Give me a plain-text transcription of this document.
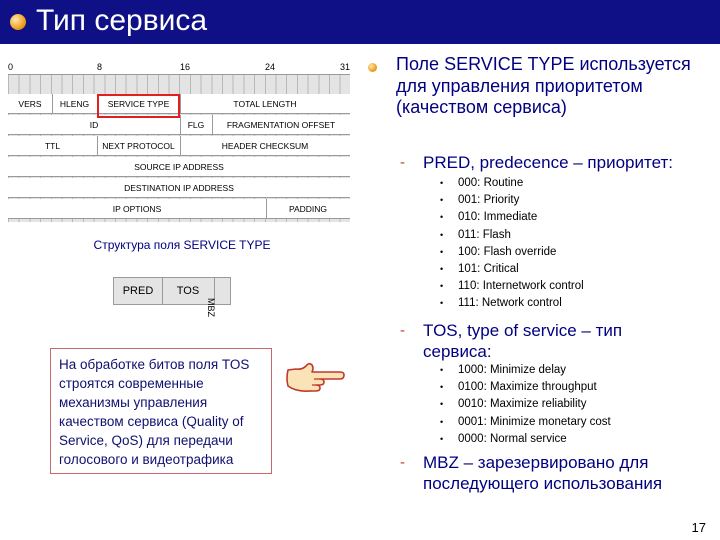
Тип сервиса
0	8	16	24	31
VERS	HLENG	SERVICE TYPE	TOTAL LENGTH
ID	FLG	FRAGMENTATION OFFSET
TTL	NEXT PROTOCOL	HEADER CHECKSUM
SOURCE IP ADDRESS
DESTINATION IP ADDRESS
IP OPTIONS	PADDING
Структура поля SERVICE TYPE
PRED	TOS
MBZ
На обработке битов поля TOS строятся современные механизмы управления качеством сервиса (Quality of Service, QoS) для передачи голосового и видеотрафика
Поле SERVICE TYPE используется для управления приоритетом (качеством сервиса)
- PRED, predecence – приоритет:
• 000: Routine
• 001: Priority
• 010: Immediate
• 011: Flash
• 100: Flash override
• 101: Critical
• 110: Internetwork control
• 111: Network control
- TOS, type of service – тип сервиса:
• 1000: Minimize delay
• 0100: Maximize throughput
• 0010: Maximize reliability
• 0001: Minimize monetary cost
• 0000: Normal service
- MBZ – зарезервировано для последующего использования
17
